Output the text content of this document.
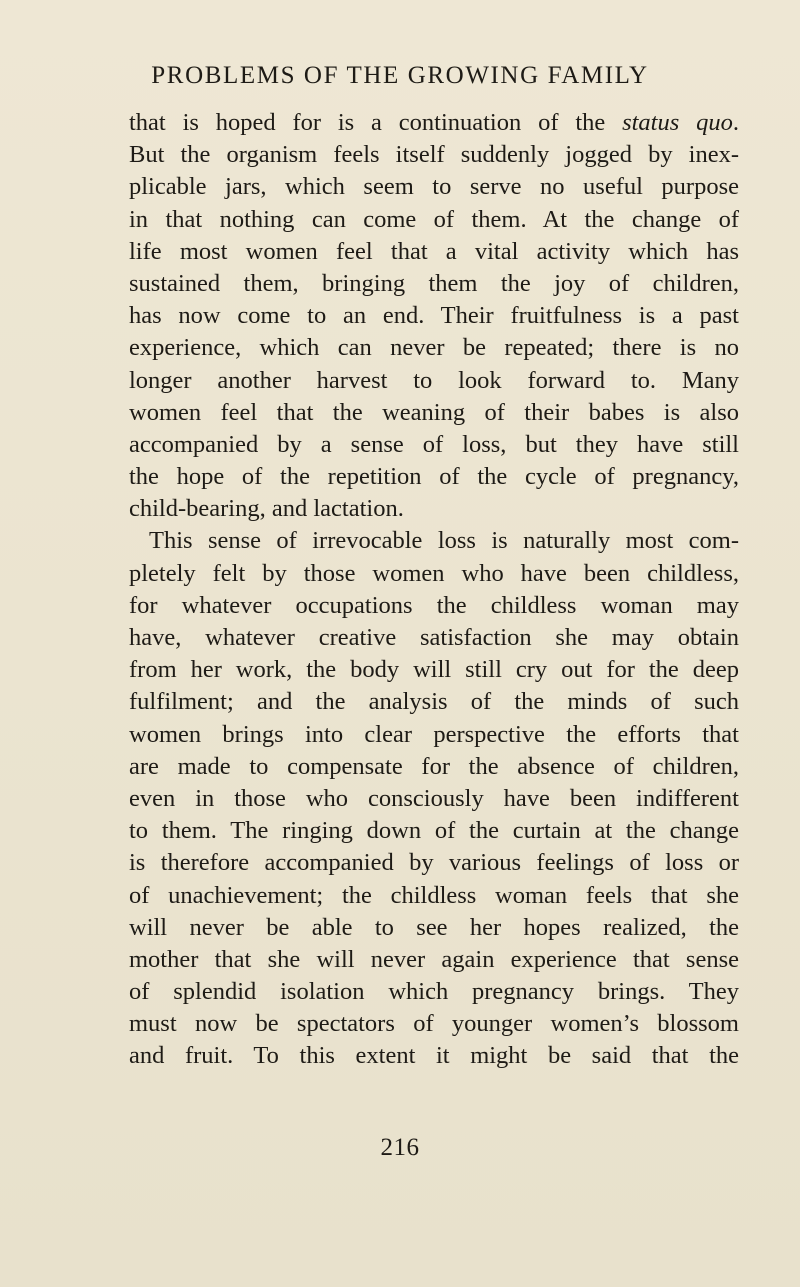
PROBLEMS OF THE GROWING FAMILY
that is hoped for is a continuation of the status quo.
But the organism feels itself suddenly jogged by inex-
plicable jars, which seem to serve no useful purpose
in that nothing can come of them. At the change of
life most women feel that a vital activity which has
sustained them, bringing them the joy of children,
has now come to an end. Their fruitfulness is a past
experience, which can never be repeated; there is no
longer another harvest to look forward to. Many
women feel that the weaning of their babes is also
accompanied by a sense of loss, but they have still
the hope of the repetition of the cycle of pregnancy,
child-bearing, and lactation.
This sense of irrevocable loss is naturally most com-
pletely felt by those women who have been childless,
for whatever occupations the childless woman may
have, whatever creative satisfaction she may obtain
from her work, the body will still cry out for the deep
fulfilment; and the analysis of the minds of such
women brings into clear perspective the efforts that
are made to compensate for the absence of children,
even in those who consciously have been indifferent
to them. The ringing down of the curtain at the change
is therefore accompanied by various feelings of loss or
of unachievement; the childless woman feels that she
will never be able to see her hopes realized, the
mother that she will never again experience that sense
of splendid isolation which pregnancy brings. They
must now be spectators of younger women’s blossom
and fruit. To this extent it might be said that the
216
